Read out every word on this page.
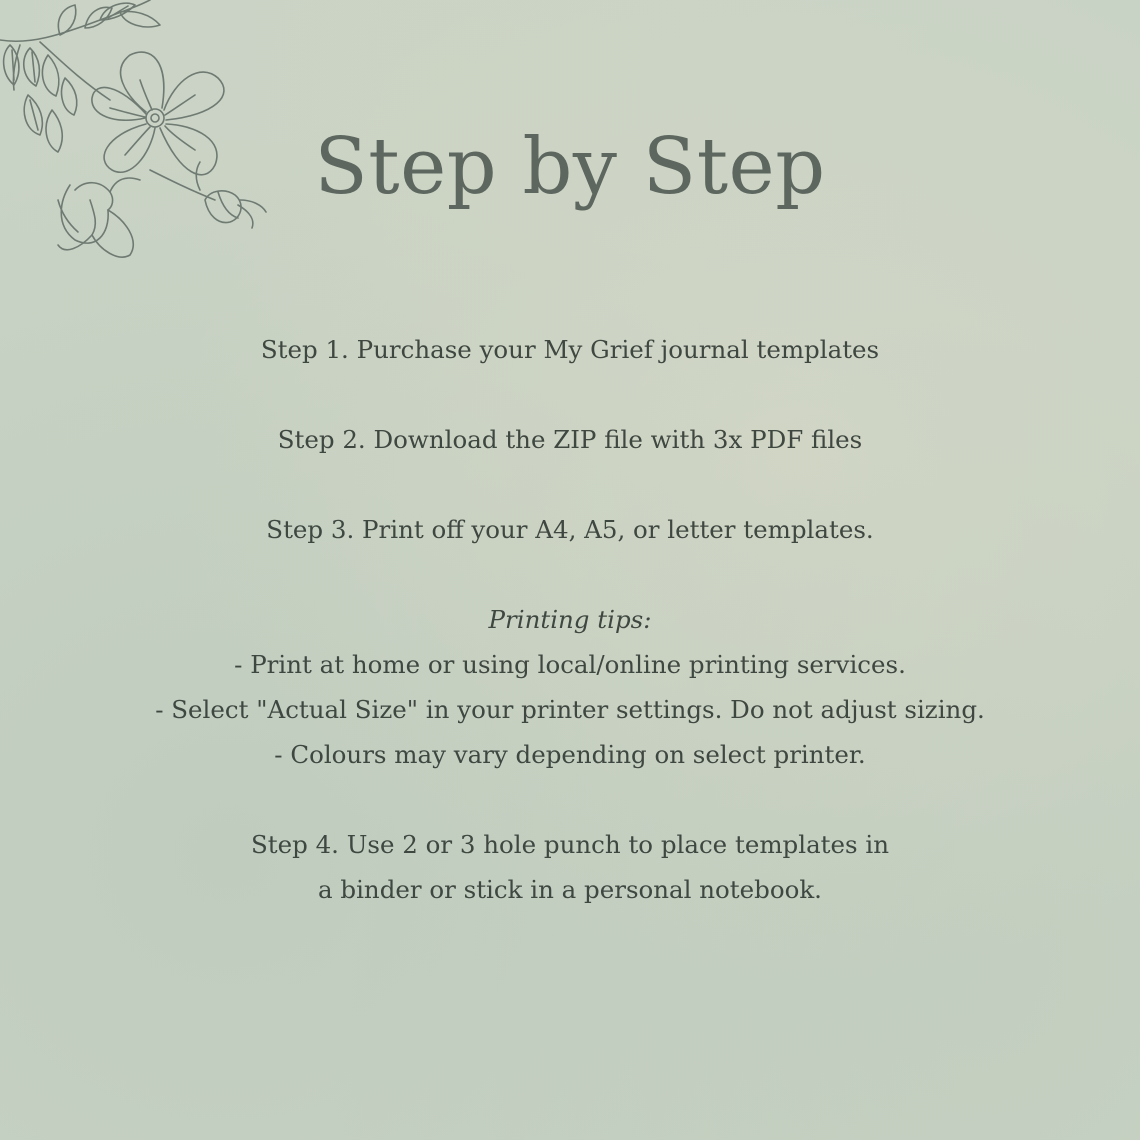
Step by Step
Step 1. Purchase your My Grief journal templates
Step 2. Download the ZIP file with 3x PDF files
Step 3. Print off your A4, A5, or letter templates.
Printing tips:
- Print at home or using local/online printing services.
- Select "Actual Size" in your printer settings. Do not adjust sizing.
- Colours may vary depending on select printer.
Step 4. Use 2 or 3 hole punch to place templates in
a binder or stick in a personal notebook.
